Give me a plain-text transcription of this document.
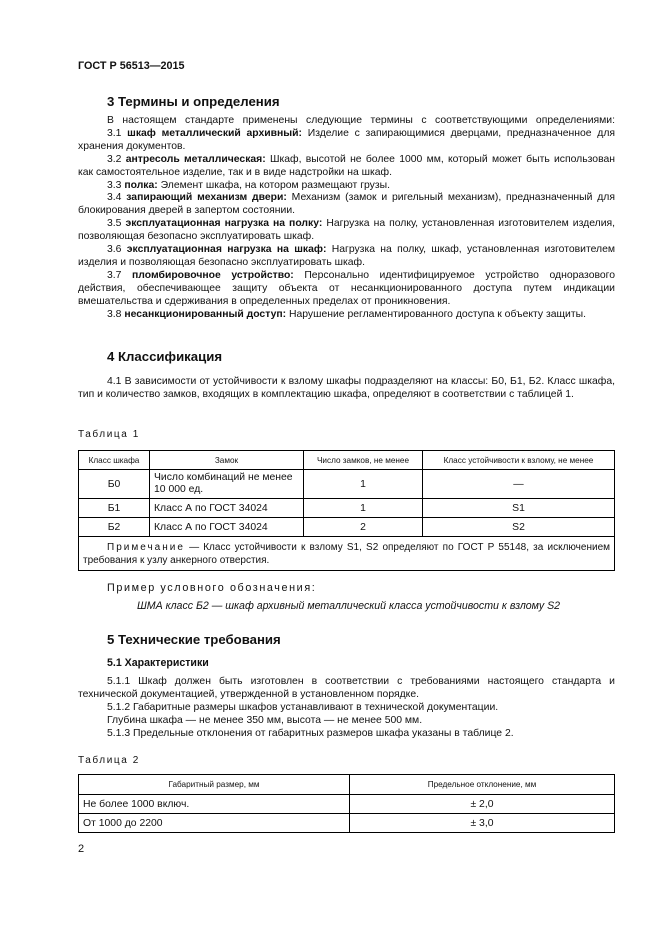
ГОСТ Р 56513—2015
3 Термины и определения

В настоящем стандарте применены следующие термины с соответствующими определениями:

3.1 шкаф металлический архивный: Изделие с запирающимися дверцами, предназначенное для хранения документов.

3.2 антресоль металлическая: Шкаф, высотой не более 1000 мм, который может быть использован как самостоятельное изделие, так и в виде надстройки на шкаф.

3.3 полка: Элемент шкафа, на котором размещают грузы.

3.4 запирающий механизм двери: Механизм (замок и ригельный механизм), предназначенный для блокирования дверей в запертом состоянии.

3.5 эксплуатационная нагрузка на полку: Нагрузка на полку, установленная изготовителем изделия, позволяющая безопасно эксплуатировать шкаф.

3.6 эксплуатационная нагрузка на шкаф: Нагрузка на полку, шкаф, установленная изготовителем изделия и позволяющая безопасно эксплуатировать шкаф.

3.7 пломбировочное устройство: Персонально идентифицируемое устройство одноразового действия, обеспечивающее защиту объекта от несанкционированного доступа путем индикации вмешательства и сдерживания в определенных пределах от проникновения.

3.8 несанкционированный доступ: Нарушение регламентированного доступа к объекту защиты.

4 Классификация

4.1 В зависимости от устойчивости к взлому шкафы подразделяют на классы: Б0, Б1, Б2. Класс шкафа, тип и количество замков, входящих в комплектацию шкафа, определяют в соответствии с таблицей 1.

Таблица 1
Класс шкафа	Замок	Число замков, не менее	Класс устойчивости к взлому, не менее
Б0	Число комбинаций не менее 10 000 ед.	1	—
Б1	Класс А по ГОСТ 34024	1	S1
Б2	Класс А по ГОСТ 34024	2	S2
Примечание — Класс устойчивости к взлому S1, S2 определяют по ГОСТ Р 55148, за исключением требования к узлу анкерного отверстия.			
Пример условного обозначения:
ШМА класс Б2 — шкаф архивный металлический класса устойчивости к взлому S2
5 Технические требования
5.1 Характеристики

5.1.1 Шкаф должен быть изготовлен в соответствии с требованиями настоящего стандарта и технической документацией, утвержденной в установленном порядке.

5.1.2 Габаритные размеры шкафов устанавливают в технической документации.

Глубина шкафа — не менее 350 мм, высота — не менее 500 мм.

5.1.3 Предельные отклонения от габаритных размеров шкафа указаны в таблице 2.

Таблица 2
Габаритный размер, мм	Предельное отклонение, мм
Не более 1000 включ.	± 2,0
От 1000 до 2200	± 3,0
2
